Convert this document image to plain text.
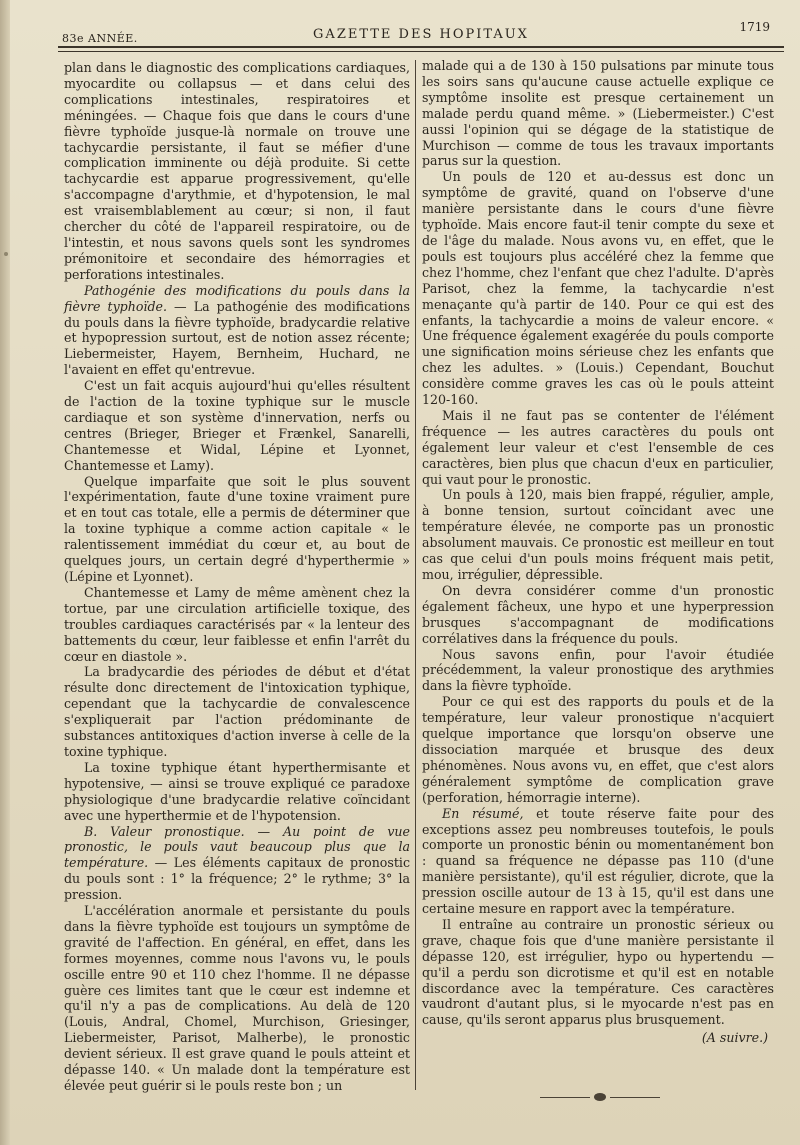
83e ANNÉE.	GAZETTE DES HOPITAUX	1719

plan dans le diagnostic des complications cardiaques, myocardite ou collapsus — et dans celui des complications intestinales, respiratoires et méningées. — Chaque fois que dans le cours d'une fièvre typhoïde jusque-là normale on trouve une tachycardie persistante, il faut se méfier d'une complication imminente ou déjà produite. Si cette tachycardie est apparue progressivement, qu'elle s'accompagne d'arythmie, et d'hypotension, le mal est vraisemblablement au cœur; si non, il faut chercher du côté de l'appareil respiratoire, ou de l'intestin, et nous savons quels sont les syndromes prémonitoire et secondaire des hémorragies et perforations intestinales.

Pathogénie des modifications du pouls dans la fièvre typhoïde. — La pathogénie des modifications du pouls dans la fièvre typhoïde, bradycardie relative et hypopression surtout, est de notion assez récente; Liebermeister, Hayem, Bernheim, Huchard, ne l'avaient en effet qu'entrevue.

C'est un fait acquis aujourd'hui qu'elles résultent de l'action de la toxine typhique sur le muscle cardiaque et son système d'innervation, nerfs ou centres (Brieger, Brieger et Frænkel, Sanarelli, Chantemesse et Widal, Lépine et Lyonnet, Chantemesse et Lamy).

Quelque imparfaite que soit le plus souvent l'expérimentation, faute d'une toxine vraiment pure et en tout cas totale, elle a permis de déterminer que la toxine typhique a comme action capitale « le ralentissement immédiat du cœur et, au bout de quelques jours, un certain degré d'hyperthermie » (Lépine et Lyonnet).

Chantemesse et Lamy de même amènent chez la tortue, par une circulation artificielle toxique, des troubles cardiaques caractérisés par « la lenteur des battements du cœur, leur faiblesse et enfin l'arrêt du cœur en diastole ».

La bradycardie des périodes de début et d'état résulte donc directement de l'intoxication typhique, cependant que la tachycardie de convalescence s'expliquerait par l'action prédominante de substances antitoxiques d'action inverse à celle de la toxine typhique.

La toxine typhique étant hyperthermisante et hypotensive, — ainsi se trouve expliqué ce paradoxe physiologique d'une bradycardie relative coïncidant avec une hyperthermie et de l'hypotension.

B. Valeur pronostique. — Au point de vue pronostic, le pouls vaut beaucoup plus que la température. — Les éléments capitaux de pronostic du pouls sont : 1° la fréquence; 2° le rythme; 3° la pression.

L'accélération anormale et persistante du pouls dans la fièvre typhoïde est toujours un symptôme de gravité de l'affection. En général, en effet, dans les formes moyennes, comme nous l'avons vu, le pouls oscille entre 90 et 110 chez l'homme. Il ne dépasse guère ces limites tant que le cœur est indemne et qu'il n'y a pas de complications. Au delà de 120 (Louis, Andral, Chomel, Murchison, Griesinger, Liebermeister, Parisot, Malherbe), le pronostic devient sérieux. Il est grave quand le pouls atteint et dépasse 140. « Un malade dont la température est élevée peut guérir si le pouls reste bon ; un

malade qui a de 130 à 150 pulsations par minute tous les soirs sans qu'aucune cause actuelle explique ce symptôme insolite est presque certainement un malade perdu quand même. » (Liebermeister.) C'est aussi l'opinion qui se dégage de la statistique de Murchison — comme de tous les travaux importants parus sur la question.

Un pouls de 120 et au-dessus est donc un symptôme de gravité, quand on l'observe d'une manière persistante dans le cours d'une fièvre typhoïde. Mais encore faut-il tenir compte du sexe et de l'âge du malade. Nous avons vu, en effet, que le pouls est toujours plus accéléré chez la femme que chez l'homme, chez l'enfant que chez l'adulte. D'après Parisot, chez la femme, la tachycardie n'est menaçante qu'à partir de 140. Pour ce qui est des enfants, la tachycardie a moins de valeur encore. « Une fréquence également exagérée du pouls comporte une signification moins sérieuse chez les enfants que chez les adultes. » (Louis.) Cependant, Bouchut considère comme graves les cas où le pouls atteint 120-160.

Mais il ne faut pas se contenter de l'élément fréquence — les autres caractères du pouls ont également leur valeur et c'est l'ensemble de ces caractères, bien plus que chacun d'eux en particulier, qui vaut pour le pronostic.

Un pouls à 120, mais bien frappé, régulier, ample, à bonne tension, surtout coïncidant avec une température élevée, ne comporte pas un pronostic absolument mauvais. Ce pronostic est meilleur en tout cas que celui d'un pouls moins fréquent mais petit, mou, irrégulier, dépressible.

On devra considérer comme d'un pronostic également fâcheux, une hypo et une hyperpression brusques s'accompagnant de modifications corrélatives dans la fréquence du pouls.

Nous savons enfin, pour l'avoir étudiée précédemment, la valeur pronostique des arythmies dans la fièvre typhoïde.

Pour ce qui est des rapports du pouls et de la température, leur valeur pronostique n'acquiert quelque importance que lorsqu'on observe une dissociation marquée et brusque des deux phénomènes. Nous avons vu, en effet, que c'est alors généralement symptôme de complication grave (perforation, hémorragie interne).

En résumé, et toute réserve faite pour des exceptions assez peu nombreuses toutefois, le pouls comporte un pronostic bénin ou momentanément bon : quand sa fréquence ne dépasse pas 110 (d'une manière persistante), qu'il est régulier, dicrote, que la pression oscille autour de 13 à 15, qu'il est dans une certaine mesure en rapport avec la température.

Il entraîne au contraire un pronostic sérieux ou grave, chaque fois que d'une manière persistante il dépasse 120, est irrégulier, hypo ou hypertendu — qu'il a perdu son dicrotisme et qu'il est en notable discordance avec la température. Ces caractères vaudront d'autant plus, si le myocarde n'est pas en cause, qu'ils seront apparus plus brusquement.

(A suivre.)
